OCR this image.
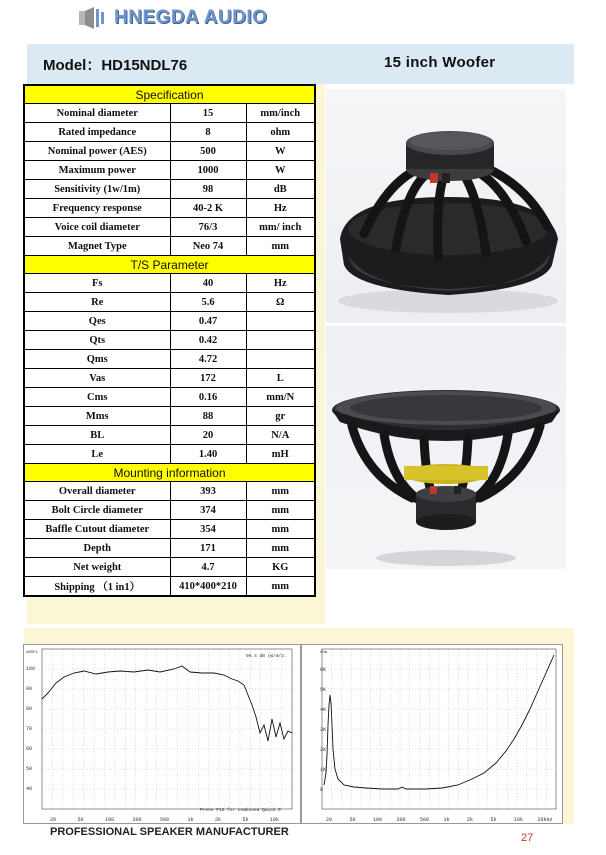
HNEGDA AUDIO
Model：HD15NDL76	15 inch Woofer
Specification		
Nominal diameter	15	mm/inch
Rated impedance	8	ohm
Nominal power (AES)	500	W
Maximum power	1000	W
Sensitivity (1w/1m)	98	dB
Frequency response	40-2 K	Hz
Voice coil diameter	76/3	mm/ inch
Magnet Type	Neo 74	mm
T/S Parameter		
Fs	40	Hz
Re	5.6	Ω
Qes	0.47	
Qts	0.42	
Qms	4.72	
Vas	172	L
Cms	0.16	mm/N
Mms	88	gr
BL	20	N/A
Le	1.40	mH
Mounting information		
Overall diameter	393	mm
Bolt Circle diameter	374	mm
Baffle Cutout diameter	354	mm
Depth	171	mm
Net weight	4.7	KG
Shipping （1 in1）	410*400*210	mm
dBSPL
100
90
80
70
60
50
40
20	50	100	200	500	1k	2k	5k	10k
96.4 dB (W/m/2.
Press F12 for combined Quick E
Ohm
6K
5K
4K
3K
2K
1K
0
20	50	100	200	500	1k	2k	5k	10k	20kHz
PROFESSIONAL SPEAKER MANUFACTURER	27
